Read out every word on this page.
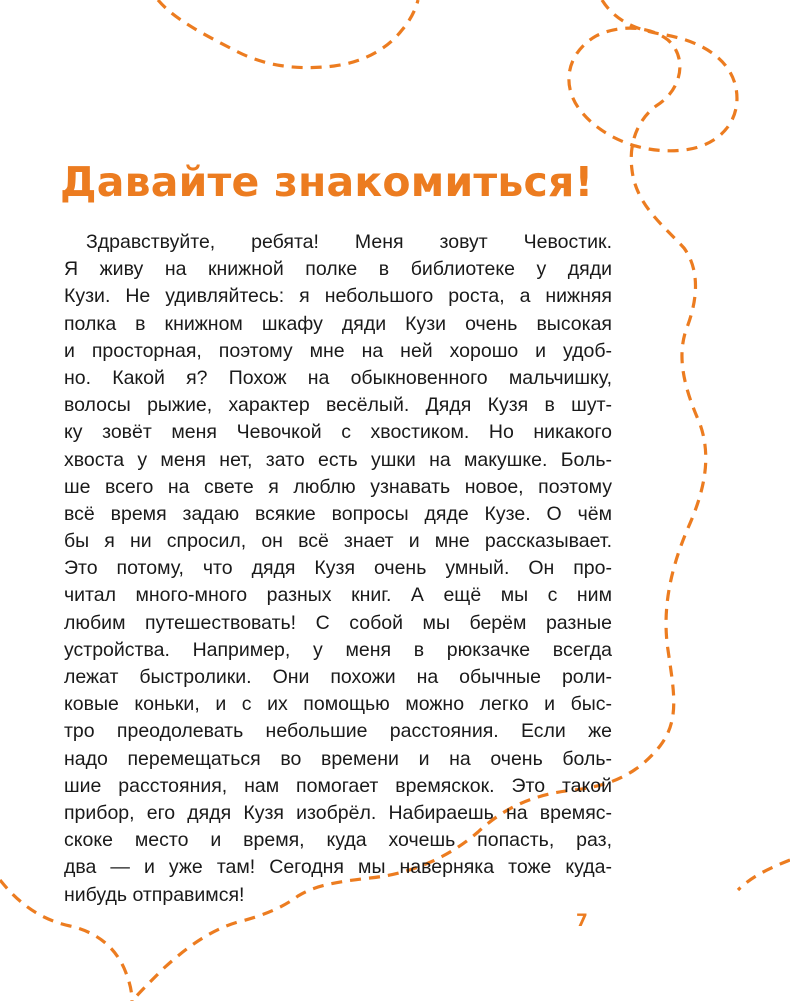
Давайте знакомиться!
Здравствуйте, ребята! Меня зовут Чевостик.
Я живу на книжной полке в библиотеке у дяди
Кузи. Не удивляйтесь: я небольшого роста, а нижняя
полка в книжном шкафу дяди Кузи очень высокая
и просторная, поэтому мне на ней хорошо и удоб-
но. Какой я? Похож на обыкновенного мальчишку,
волосы рыжие, характер весёлый. Дядя Кузя в шут-
ку зовёт меня Чевочкой с хвостиком. Но никакого
хвоста у меня нет, зато есть ушки на макушке. Боль-
ше всего на свете я люблю узнавать новое, поэтому
всё время задаю всякие вопросы дяде Кузе. О чём
бы я ни спросил, он всё знает и мне рассказывает.
Это потому, что дядя Кузя очень умный. Он про-
читал много-много разных книг. А ещё мы с ним
любим путешествовать! С собой мы берём разные
устройства. Например, у меня в рюкзачке всегда
лежат быстролики. Они похожи на обычные роли-
ковые коньки, и с их помощью можно легко и быс-
тро преодолевать небольшие расстояния. Если же
надо перемещаться во времени и на очень боль-
шие расстояния, нам помогает времяскок. Это такой
прибор, его дядя Кузя изобрёл. Набираешь на времяс-
скоке место и время, куда хочешь попасть, раз,
два — и уже там! Сегодня мы наверняка тоже куда-
нибудь отправимся!
7
